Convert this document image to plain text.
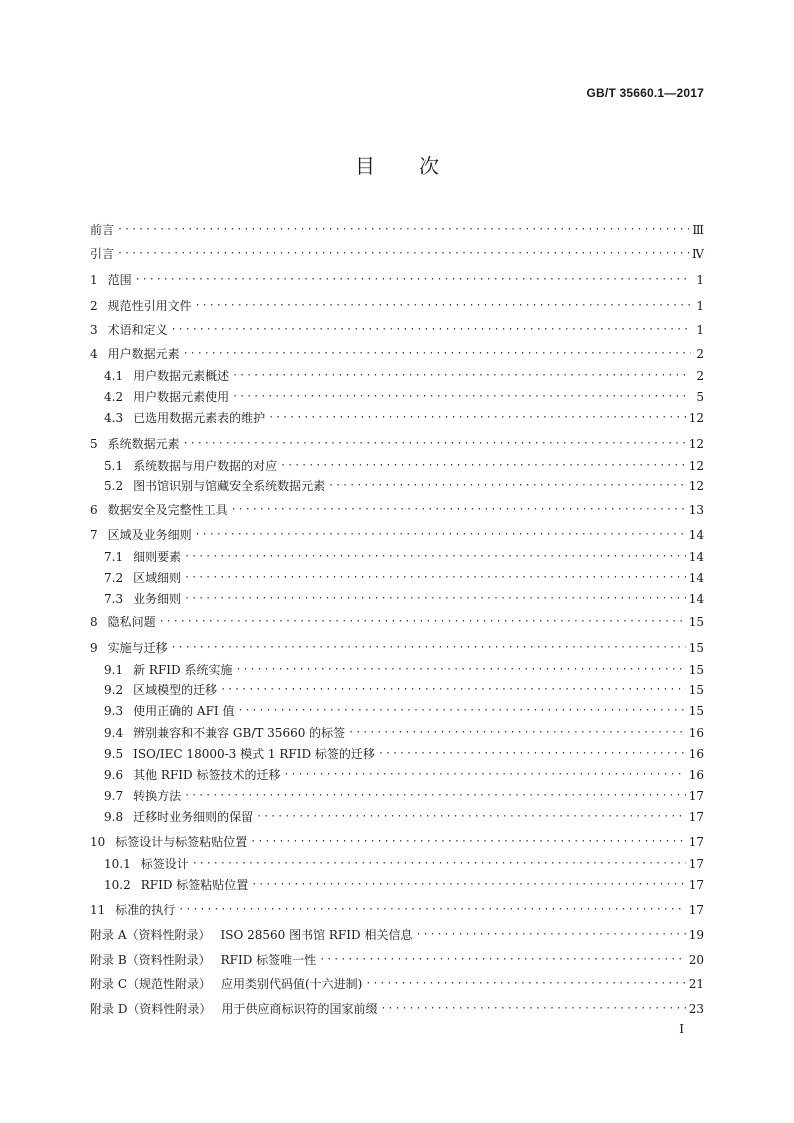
GB/T 35660.1—2017
目 次
前言 ·····	Ⅲ
引言 ·····	Ⅳ
1 范围 ·····	1
2 规范性引用文件 ·····	1
3 术语和定义 ·····	1
4 用户数据元素 ·····	2
4.1 用户数据元素概述 ·····	2
4.2 用户数据元素使用 ·····	5
4.3 已选用数据元素表的维护 ·····	12
5 系统数据元素 ·····	12
5.1 系统数据与用户数据的对应 ·····	12
5.2 图书馆识别与馆藏安全系统数据元素 ·····	12
6 数据安全及完整性工具 ·····	13
7 区域及业务细则 ·····	14
7.1 细则要素 ·····	14
7.2 区域细则 ·····	14
7.3 业务细则 ·····	14
8 隐私问题 ·····	15
9 实施与迁移 ·····	15
9.1 新 RFID 系统实施 ·····	15
9.2 区域模型的迁移 ·····	15
9.3 使用正确的 AFI 值 ·····	15
9.4 辨别兼容和不兼容 GB/T 35660 的标签 ·····	16
9.5 ISO/IEC 18000-3 模式 1 RFID 标签的迁移 ·····	16
9.6 其他 RFID 标签技术的迁移 ·····	16
9.7 转换方法 ·····	17
9.8 迁移时业务细则的保留 ·····	17
10 标签设计与标签粘贴位置 ·····	17
10.1 标签设计 ·····	17
10.2 RFID 标签粘贴位置 ·····	17
11 标准的执行 ·····	17
附录 A（资料性附录） ISO 28560 图书馆 RFID 相关信息 ·····	19
附录 B（资料性附录） RFID 标签唯一性 ·····	20
附录 C（规范性附录） 应用类别代码值(十六进制) ·····	21
附录 D（资料性附录） 用于供应商标识符的国家前缀 ·····	23
I
